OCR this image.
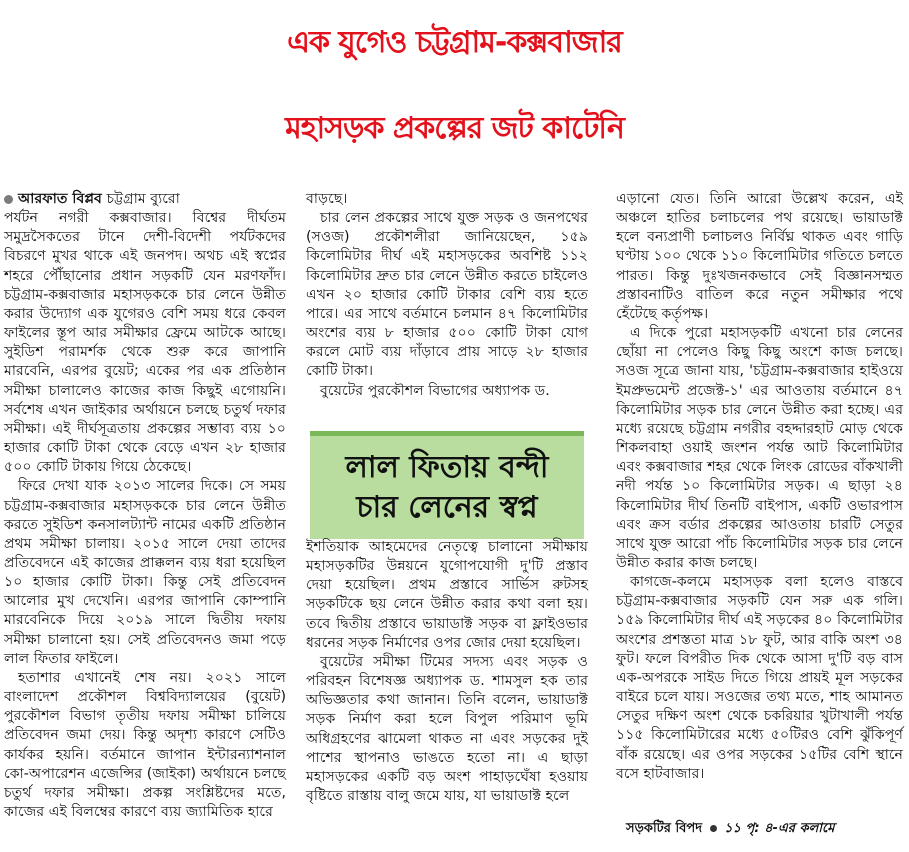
এক যুগেও চট্টগ্রাম-কক্সবাজার
মহাসড়ক প্রকল্পের জট কাটেনি

আরফাত বিপ্লব চট্টগ্রাম ব্যুরো

পর্যটন নগরী কক্সবাজার। বিশ্বের দীর্ঘতম সমুদ্রসৈকতের টানে দেশী-বিদেশী পর্যটকদের বিচরণে মুখর থাকে এই জনপদ। অথচ এই স্বপ্নের শহরে পৌঁছানোর প্রধান সড়কটি যেন মরণফাঁদ। চট্টগ্রাম-কক্সবাজার মহাসড়ককে চার লেনে উন্নীত করার উদ্যোগ এক যুগেরও বেশি সময় ধরে কেবল ফাইলের স্তূপ আর সমীক্ষার ফ্রেমে আটকে আছে। সুইডিশ পরামর্শক থেকে শুরু করে জাপানি মারবেনি, এরপর বুয়েট; একের পর এক প্রতিষ্ঠান সমীক্ষা চালালেও কাজের কাজ কিছুই এগোয়নি। সর্বশেষ এখন জাইকার অর্থায়নে চলছে চতুর্থ দফার সমীক্ষা। এই দীর্ঘসূত্রতায় প্রকল্পের সম্ভাব্য ব্যয় ১০ হাজার কোটি টাকা থেকে বেড়ে এখন ২৮ হাজার ৫০০ কোটি টাকায় গিয়ে ঠেকেছে।

ফিরে দেখা যাক ২০১৩ সালের দিকে। সে সময় চট্টগ্রাম-কক্সবাজার মহাসড়ককে চার লেনে উন্নীত করতে সুইডিশ কনসালট্যান্ট নামের একটি প্রতিষ্ঠান প্রথম সমীক্ষা চালায়। ২০১৫ সালে দেয়া তাদের প্রতিবেদনে এই কাজের প্রাক্কলন ব্যয় ধরা হয়েছিল ১০ হাজার কোটি টাকা। কিন্তু সেই প্রতিবেদন আলোর মুখ দেখেনি। এরপর জাপানি কোম্পানি মারবেনিকে দিয়ে ২০১৯ সালে দ্বিতীয় দফায় সমীক্ষা চালানো হয়। সেই প্রতিবেদনও জমা পড়ে লাল ফিতার ফাইলে।

হতাশার এখানেই শেষ নয়। ২০২১ সালে বাংলাদেশ প্রকৌশল বিশ্ববিদ্যালয়ের (বুয়েট) পুরকৌশল বিভাগ তৃতীয় দফায় সমীক্ষা চালিয়ে প্রতিবেদন জমা দেয়। কিন্তু অদৃশ্য কারণে সেটিও কার্যকর হয়নি। বর্তমানে জাপান ইন্টারন্যাশনাল কো-অপারেশন এজেন্সির (জাইকা) অর্থায়নে চলছে চতুর্থ দফার সমীক্ষা। প্রকল্প সংশ্লিষ্টদের মতে, কাজের এই বিলম্বের কারণে ব্যয় জ্যামিতিক হারে

বাড়ছে।

চার লেন প্রকল্পের সাথে যুক্ত সড়ক ও জনপথের (সওজ) প্রকৌশলীরা জানিয়েছেন, ১৫৯ কিলোমিটার দীর্ঘ এই মহাসড়কের অবশিষ্ট ১১২ কিলোমিটার দ্রুত চার লেনে উন্নীত করতে চাইলেও এখন ২০ হাজার কোটি টাকার বেশি ব্যয় হতে পারে। এর সাথে বর্তমানে চলমান ৪৭ কিলোমিটার অংশের ব্যয় ৮ হাজার ৫০০ কোটি টাকা যোগ করলে মোট ব্যয় দাঁড়াবে প্রায় সাড়ে ২৮ হাজার কোটি টাকা।

বুয়েটের পুরকৌশল বিভাগের অধ্যাপক ড.

লাল ফিতায় বন্দী
চার লেনের স্বপ্ন

ইশতিয়াক আহমেদের নেতৃত্বে চালানো সমীক্ষায় মহাসড়কটির উন্নয়নে যুগোপযোগী দু'টি প্রস্তাব দেয়া হয়েছিল। প্রথম প্রস্তাবে সার্ভিস রুটসহ সড়কটিকে ছয় লেনে উন্নীত করার কথা বলা হয়। তবে দ্বিতীয় প্রস্তাবে ভায়াডাক্ট সড়ক বা ফ্লাইওভার ধরনের সড়ক নির্মাণের ওপর জোর দেয়া হয়েছিল।

বুয়েটের সমীক্ষা টিমের সদস্য এবং সড়ক ও পরিবহন বিশেষজ্ঞ অধ্যাপক ড. শামসুল হক তার অভিজ্ঞতার কথা জানান। তিনি বলেন, ভায়াডাক্ট সড়ক নির্মাণ করা হলে বিপুল পরিমাণ ভূমি অধিগ্রহণের ঝামেলা থাকত না এবং সড়কের দুই পাশের স্থাপনাও ভাঙতে হতো না। এ ছাড়া মহাসড়কের একটি বড় অংশ পাহাড়ঘেঁষা হওয়ায় বৃষ্টিতে রাস্তায় বালু জমে যায়, যা ভায়াডাক্ট হলে

এড়ানো যেত। তিনি আরো উল্লেখ করেন, এই অঞ্চলে হাতির চলাচলের পথ রয়েছে। ভায়াডাক্ট হলে বন্যপ্রাণী চলাচলও নির্বিঘ্ন থাকত এবং গাড়ি ঘণ্টায় ১০০ থেকে ১১০ কিলোমিটার গতিতে চলতে পারত। কিন্তু দুঃখজনকভাবে সেই বিজ্ঞানসম্মত প্রস্তাবনাটিও বাতিল করে নতুন সমীক্ষার পথে হেঁটেছে কর্তৃপক্ষ।

এ দিকে পুরো মহাসড়কটি এখনো চার লেনের ছোঁয়া না পেলেও কিছু কিছু অংশে কাজ চলছে। সওজ সূত্রে জানা যায়, 'চট্টগ্রাম-কক্সবাজার হাইওয়ে ইমপ্রুভমেন্ট প্রজেক্ট-১' এর আওতায় বর্তমানে ৪৭ কিলোমিটার সড়ক চার লেনে উন্নীত করা হচ্ছে। এর মধ্যে রয়েছে চট্টগ্রাম নগরীর বহদ্দারহাট মোড় থেকে শিকলবাহা ওয়াই জংশন পর্যন্ত আট কিলোমিটার এবং কক্সবাজার শহর থেকে লিংক রোডের বাঁকখালী নদী পর্যন্ত ১০ কিলোমিটার সড়ক। এ ছাড়া ২৪ কিলোমিটার দীর্ঘ তিনটি বাইপাস, একটি ওভারপাস এবং ক্রস বর্ডার প্রকল্পের আওতায় চারটি সেতুর সাথে যুক্ত আরো পাঁচ কিলোমিটার সড়ক চার লেনে উন্নীত করার কাজ চলছে।

কাগজে-কলমে মহাসড়ক বলা হলেও বাস্তবে চট্টগ্রাম-কক্সবাজার সড়কটি যেন সরু এক গলি। ১৫৯ কিলোমিটার দীর্ঘ এই সড়কের ৪০ কিলোমিটার অংশের প্রশস্ততা মাত্র ১৮ ফুট, আর বাকি অংশ ৩৪ ফুট। ফলে বিপরীত দিক থেকে আসা দু'টি বড় বাস এক-অপরকে সাইড দিতে গিয়ে প্রায়ই মূল সড়কের বাইরে চলে যায়। সওজের তথ্য মতে, শাহ আমানত সেতুর দক্ষিণ অংশ থেকে চকরিয়ার খুটাখালী পর্যন্ত ১১৫ কিলোমিটারের মধ্যে ৫০টিরও বেশি ঝুঁকিপূর্ণ বাঁক রয়েছে। এর ওপর সড়কের ১৫টির বেশি স্থানে বসে হাটবাজার।

সড়কটির বিপদ ১১ পৃ: ৪-এর কলামে
